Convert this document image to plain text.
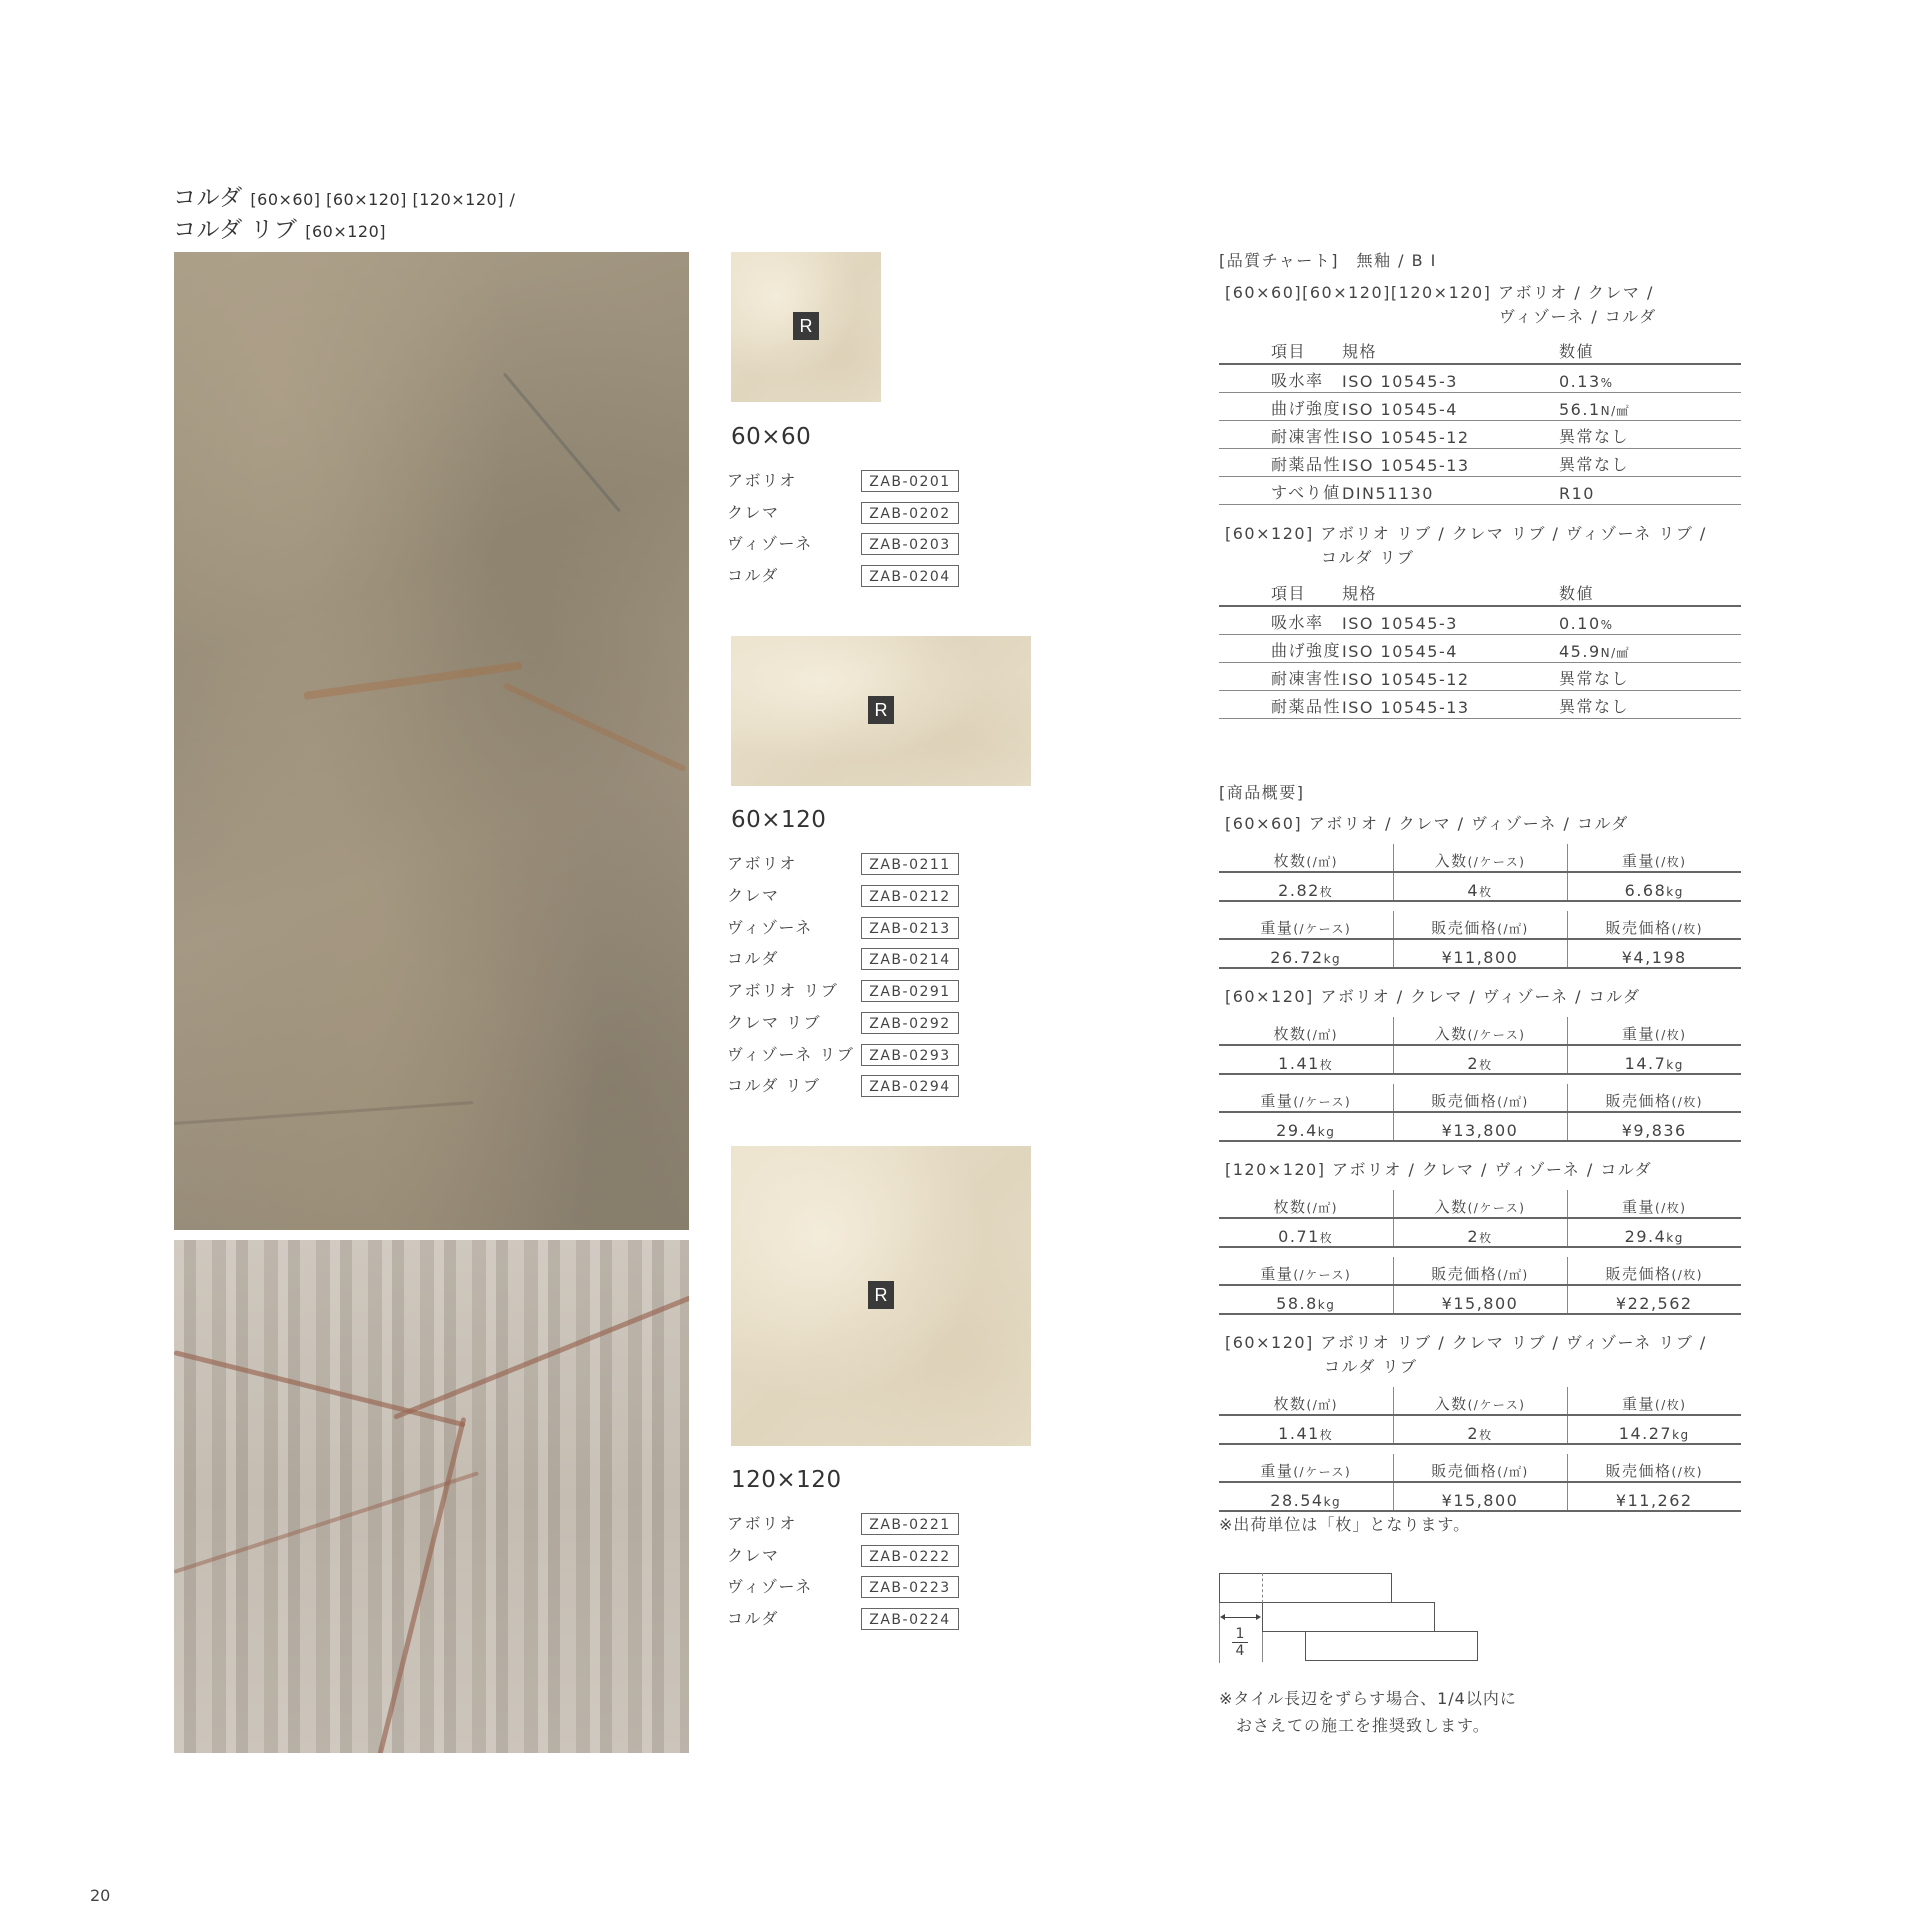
コルダ [60×60] [60×120] [120×120] /
コルダ リブ [60×120]
R
60×60
R
60×120
R
120×120
アボリオ	ZAB-0201
クレマ	ZAB-0202
ヴィゾーネ	ZAB-0203
コルダ	ZAB-0204
アボリオ	ZAB-0211
クレマ	ZAB-0212
ヴィゾーネ	ZAB-0213
コルダ	ZAB-0214
アボリオ リブ	ZAB-0291
クレマ リブ	ZAB-0292
ヴィゾーネ リブ	ZAB-0293
コルダ リブ	ZAB-0294
アボリオ	ZAB-0221
クレマ	ZAB-0222
ヴィゾーネ	ZAB-0223
コルダ	ZAB-0224
[品質チャート]　無釉 / B I
[60×60][60×120][120×120] アボリオ / クレマ /
ヴィゾーネ / コルダ
項目	規格	数値
吸水率	ISO 10545-3	0.13%
曲げ強度	ISO 10545-4	56.1N/㎟
耐凍害性	ISO 10545-12	異常なし
耐薬品性	ISO 10545-13	異常なし
すべり値	DIN51130	R10
[60×120] アボリオ リブ / クレマ リブ / ヴィゾーネ リブ /
コルダ リブ
項目	規格	数値
吸水率	ISO 10545-3	0.10%
曲げ強度	ISO 10545-4	45.9N/㎟
耐凍害性	ISO 10545-12	異常なし
耐薬品性	ISO 10545-13	異常なし
[商品概要]
[60×60] アボリオ / クレマ / ヴィゾーネ / コルダ
枚数(/㎡)	入数(/ケース)	重量(/枚)
2.82枚	4枚	6.68kg
重量(/ケース)	販売価格(/㎡)	販売価格(/枚)
26.72kg	¥11,800	¥4,198
[60×120] アボリオ / クレマ / ヴィゾーネ / コルダ
枚数(/㎡)	入数(/ケース)	重量(/枚)
1.41枚	2枚	14.7kg
重量(/ケース)	販売価格(/㎡)	販売価格(/枚)
29.4kg	¥13,800	¥9,836
[120×120] アボリオ / クレマ / ヴィゾーネ / コルダ
枚数(/㎡)	入数(/ケース)	重量(/枚)
0.71枚	2枚	29.4kg
重量(/ケース)	販売価格(/㎡)	販売価格(/枚)
58.8kg	¥15,800	¥22,562
[60×120] アボリオ リブ / クレマ リブ / ヴィゾーネ リブ /
コルダ リブ
枚数(/㎡)	入数(/ケース)	重量(/枚)
1.41枚	2枚	14.27kg
重量(/ケース)	販売価格(/㎡)	販売価格(/枚)
28.54kg	¥15,800	¥11,262
※出荷単位は「枚」となります。
$\frac{1}{4}$
※タイル長辺をずらす場合、1/4以内に
おさえての施工を推奨致します。
20
